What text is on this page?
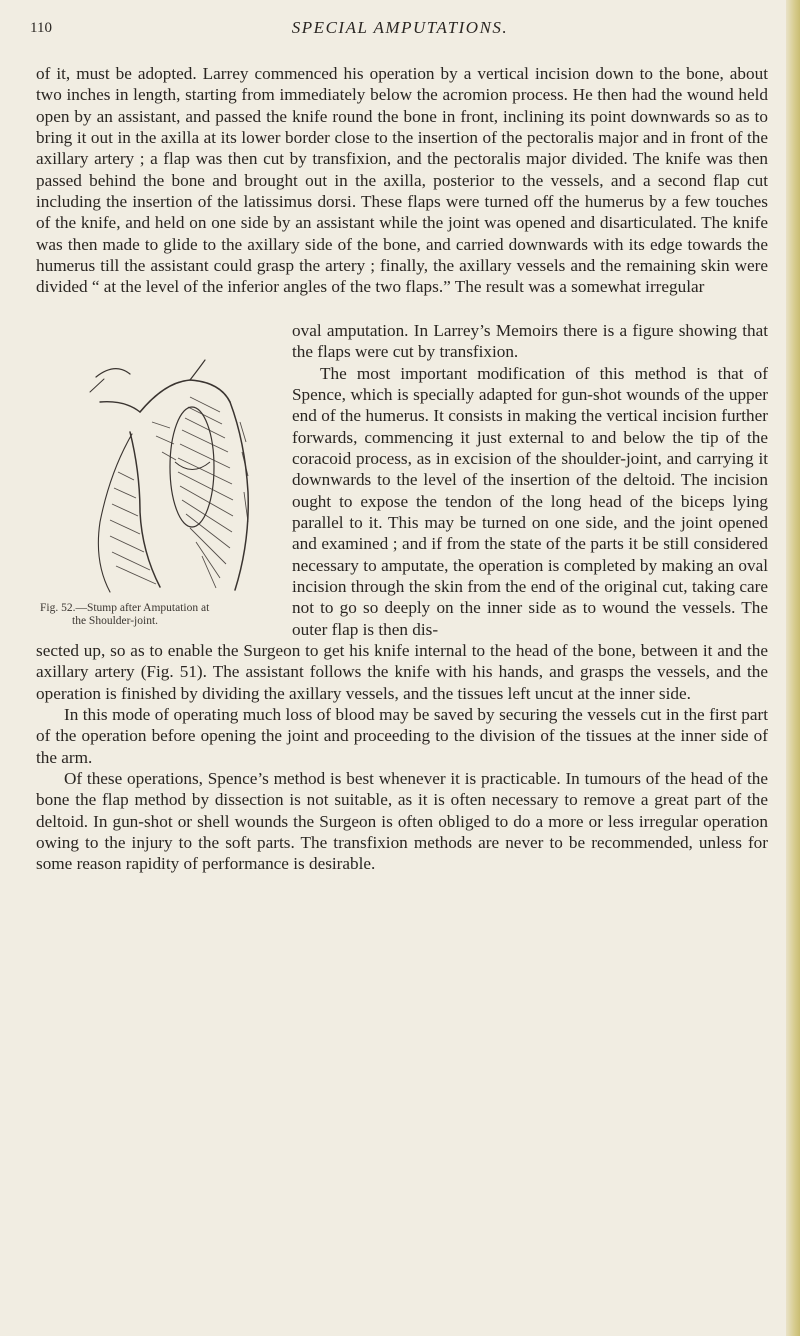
110	SPECIAL AMPUTATIONS.

of it, must be adopted. Larrey commenced his operation by a vertical incision down to the bone, about two inches in length, starting from immediately below the acromion process. He then had the wound held open by an assistant, and passed the knife round the bone in front, inclining its point downwards so as to bring it out in the axilla at its lower border close to the insertion of the pectoralis major and in front of the axillary artery ; a flap was then cut by transfixion, and the pectoralis major divided. The knife was then passed behind the bone and brought out in the axilla, posterior to the vessels, and a second flap cut including the insertion of the latissimus dorsi. These flaps were turned off the humerus by a few touches of the knife, and held on one side by an assistant while the joint was opened and disarticulated. The knife was then made to glide to the axillary side of the bone, and carried downwards with its edge towards the humerus till the assistant could grasp the artery ; finally, the axillary vessels and the remaining skin were divided “ at the level of the inferior angles of the two flaps.” The result was a somewhat irregular

Fig. 52.—Stump after Amputation at
the Shoulder-joint.

oval amputation. In Larrey’s Memoirs there is a figure showing that the flaps were cut by transfixion.

The most important modification of this method is that of Spence, which is specially adapted for gun-shot wounds of the upper end of the humerus. It consists in making the vertical incision further forwards, commencing it just external to and below the tip of the coracoid process, as in excision of the shoulder-joint, and carrying it downwards to the level of the insertion of the deltoid. The incision ought to expose the tendon of the long head of the biceps lying parallel to it. This may be turned on one side, and the joint opened and examined ; and if from the state of the parts it be still considered necessary to amputate, the operation is completed by making an oval incision through the skin from the end of the original cut, taking care not to go so deeply on the inner side as to wound the vessels. The outer flap is then dis-

sected up, so as to enable the Surgeon to get his knife internal to the head of the bone, between it and the axillary artery (Fig. 51). The assistant follows the knife with his hands, and grasps the vessels, and the operation is finished by dividing the axillary vessels, and the tissues left uncut at the inner side.

In this mode of operating much loss of blood may be saved by securing the vessels cut in the first part of the operation before opening the joint and proceeding to the division of the tissues at the inner side of the arm.

Of these operations, Spence’s method is best whenever it is practicable. In tumours of the head of the bone the flap method by dissection is not suitable, as it is often necessary to remove a great part of the deltoid. In gun-shot or shell wounds the Surgeon is often obliged to do a more or less irregular operation owing to the injury to the soft parts. The transfixion methods are never to be recommended, unless for some reason rapidity of performance is desirable.
